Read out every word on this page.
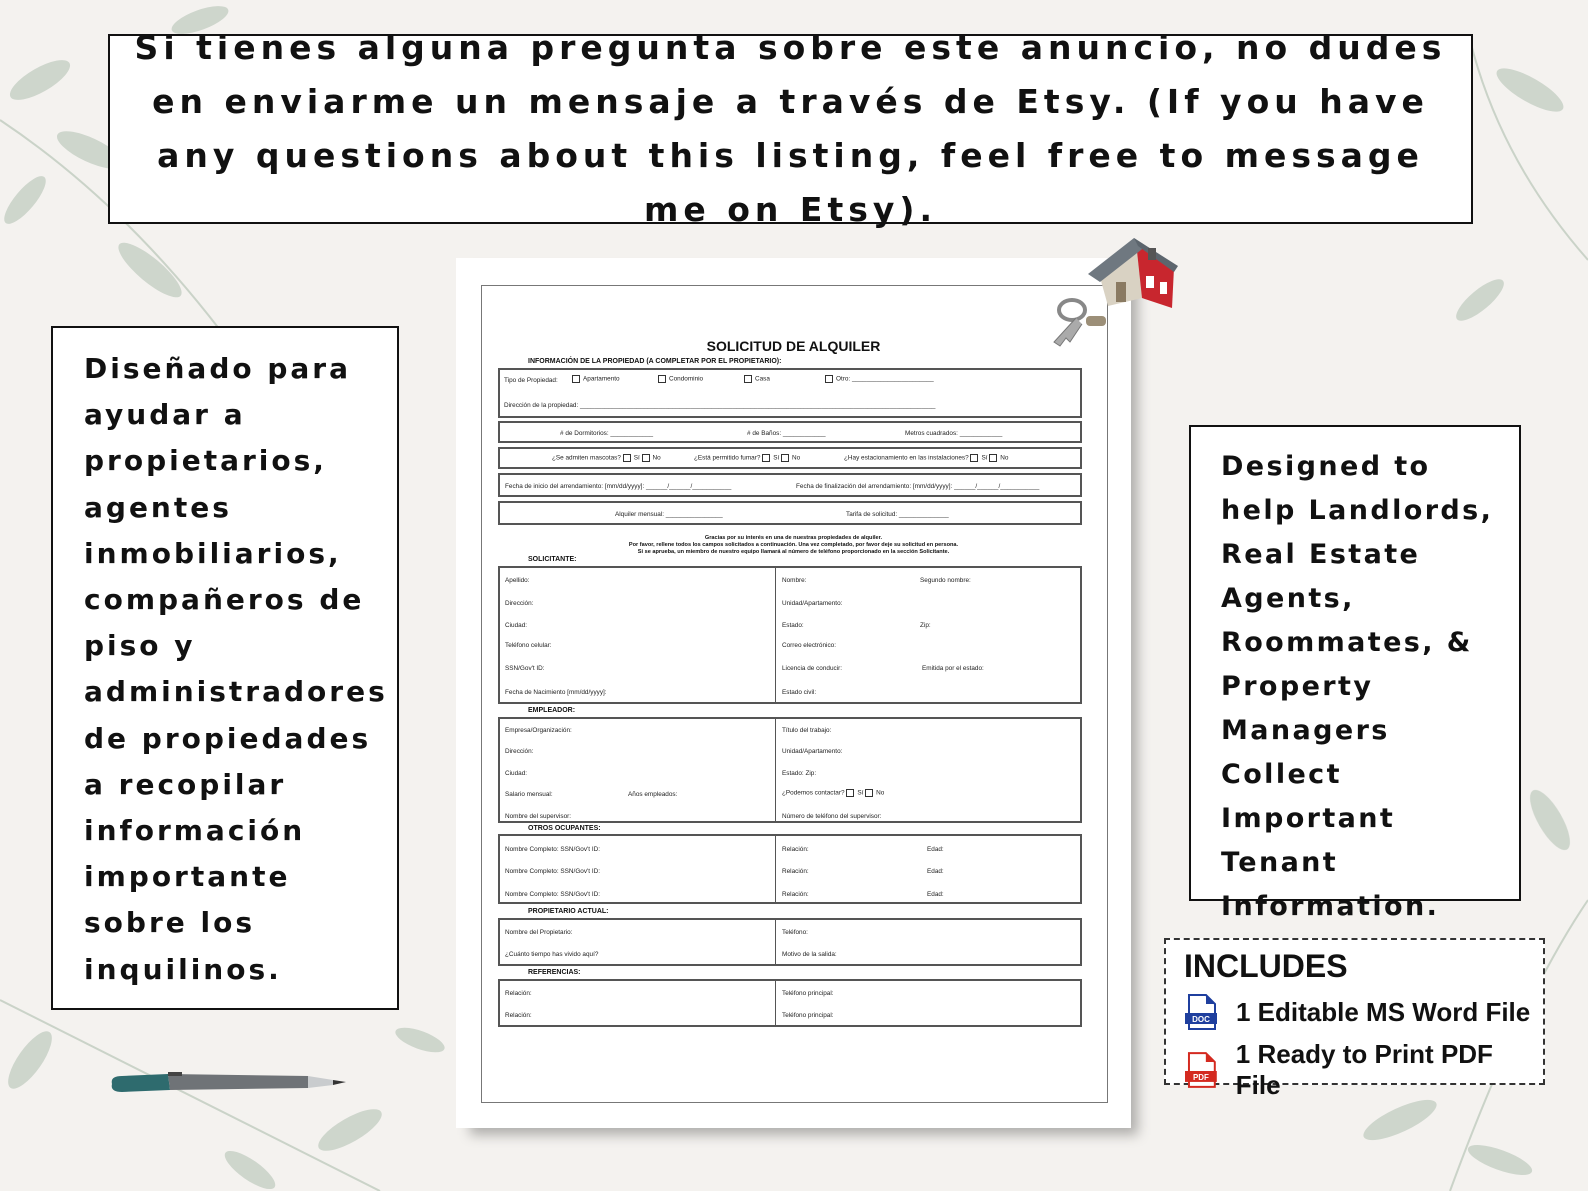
Si tienes alguna pregunta sobre este anuncio, no dudes en enviarme un mensaje a través de Etsy. (If you have any questions about this listing, feel free to message me on Etsy).
Diseñado para ayudar a propietarios, agentes inmobiliarios, compañeros de piso y administradores de propiedades a recopilar información importante sobre los inquilinos.
Designed to help Landlords, Real Estate Agents, Roommates, & Property Managers Collect Important Tenant Information.
INCLUDES
DOC 1 Editable MS Word File
PDF
1 Ready to Print PDF File
SOLICITUD DE ALQUILER
INFORMACIÓN DE LA PROPIEDAD (A COMPLETAR POR EL PROPIETARIO):
Tipo de Propiedad:	Apartamento	Condominio	Casa	Otro: _______________________
Dirección de la propiedad: ____________________________________________________________________________________________________
# de Dormitorios: ____________	# de Baños: ____________	Metros cuadrados: ____________
¿Se admiten mascotas? Sí No	¿Está permitido fumar? Sí No	¿Hay estacionamiento en las instalaciones? Sí No
Fecha de inicio del arrendamiento: [mm/dd/yyyy]: ______/______/___________	Fecha de finalización del arrendamiento: [mm/dd/yyyy]: ______/______/___________
Alquiler mensual: ________________	Tarifa de solicitud: ______________
Gracias por su interés en una de nuestras propiedades de alquiler.
Por favor, rellene todos los campos solicitados a continuación. Una vez completado, por favor deje su solicitud en persona.
Si se aprueba, un miembro de nuestro equipo llamará al número de teléfono proporcionado en la sección Solicitante.
SOLICITANTE:
Apellido:	Nombre:	Segundo nombre:
Dirección:	Unidad/Apartamento:
Ciudad:	Estado:	Zip:
Teléfono celular:	Correo electrónico:
SSN/Gov't ID:	Licencia de conducir:	Emitida por el estado:
Fecha de Nacimiento [mm/dd/yyyy]:	Estado civil:
EMPLEADOR:
Empresa/Organización:	Título del trabajo:
Dirección:	Unidad/Apartamento:
Ciudad:	Estado: Zip:
Salario mensual:	Años empleados:	¿Podemos contactar? Sí No
Nombre del supervisor:	Número de teléfono del supervisor:
OTROS OCUPANTES:
Nombre Completo: SSN/Gov't ID:	Relación:	Edad:
Nombre Completo: SSN/Gov't ID:	Relación:	Edad:
Nombre Completo: SSN/Gov't ID:	Relación:	Edad:
PROPIETARIO ACTUAL:
Nombre del Propietario:	Teléfono:
¿Cuánto tiempo has vivido aquí?	Motivo de la salida:
REFERENCIAS:
Relación:	Teléfono principal:
Relación:	Teléfono principal:
